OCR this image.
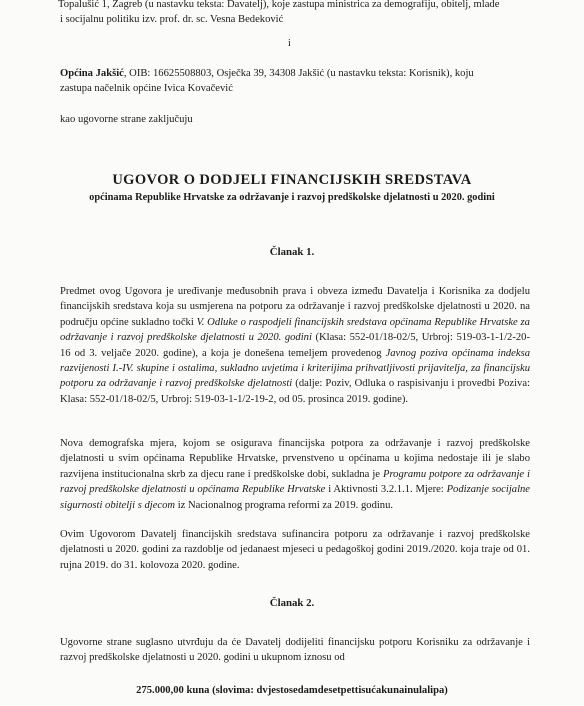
Topalušić 1, Zagreb (u nastavku teksta: Davatelj), koje zastupa ministrica za demografiju, obitelj, mlade
i socijalnu politiku izv. prof. dr. sc. Vesna Bedeković
i
Općina Jakšić, OIB: 16625508803, Osječka 39, 34308 Jakšić (u nastavku teksta: Korisnik), koju
zastupa načelnik općine Ivica Kovačević
kao ugovorne strane zaključuju
UGOVOR O DODJELI FINANCIJSKIH SREDSTAVA
općinama Republike Hrvatske za održavanje i razvoj predškolske djelatnosti u 2020. godini
Članak 1.
Predmet ovog Ugovora je uređivanje međusobnih prava i obveza između Davatelja i Korisnika za dodjelu financijskih sredstava koja su usmjerena na potporu za održavanje i razvoj predškolske djelatnosti u 2020. na području općine sukladno točki V. Odluke o raspodjeli financijskih sredstava općinama Republike Hrvatske za održavanje i razvoj predškolske djelatnosti u 2020. godini (Klasa: 552-01/18-02/5, Urbroj: 519-03-1-1/2-20-16 od 3. veljače 2020. godine), a koja je donešena temeljem provedenog Javnog poziva općinama indeksa razvijenosti I.-IV. skupine i ostalima, sukladno uvjetima i kriterijima prihvatljivosti prijavitelja, za financijsku potporu za održavanje i razvoj predškolske djelatnosti (dalje: Poziv, Odluka o raspisivanju i provedbi Poziva: Klasa: 552-01/18-02/5, Urbroj: 519-03-1-1/2-19-2, od 05. prosinca 2019. godine).
Nova demografska mjera, kojom se osigurava financijska potpora za održavanje i razvoj predškolske djelatnosti u svim općinama Republike Hrvatske, prvenstveno u općinama u kojima nedostaje ili je slabo razvijena institucionalna skrb za djecu rane i predškolske dobi, sukladna je Programu potpore za održavanje i razvoj predškolske djelatnosti u općinama Republike Hrvatske i Aktivnosti 3.2.1.1. Mjere: Podizanje socijalne sigurnosti obitelji s djecom iz Nacionalnog programa reformi za 2019. godinu.
Ovim Ugovorom Davatelj financijskih sredstava sufinancira potporu za održavanje i razvoj predškolske djelatnosti u 2020. godini za razdoblje od jedanaest mjeseci u pedagoškoj godini 2019./2020. koja traje od 01. rujna 2019. do 31. kolovoza 2020. godine.
Članak 2.
Ugovorne strane suglasno utvrđuju da će Davatelj dodijeliti financijsku potporu Korisniku za održavanje i razvoj predškolske djelatnosti u 2020. godini u ukupnom iznosu od
275.000,00 kuna (slovima: dvjestosedamdesetpettisućakunainulalipa)
